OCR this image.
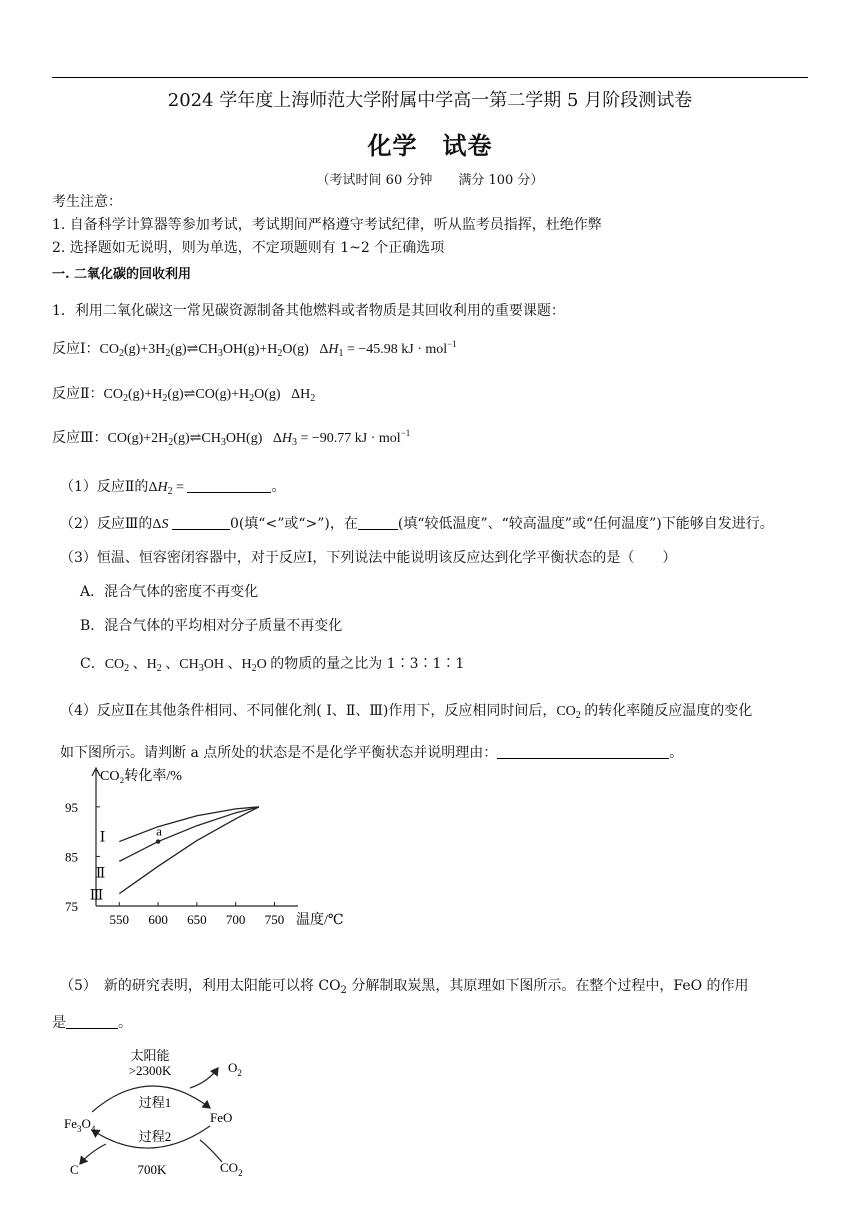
2024 学年度上海师范大学附属中学高一第二学期 5 月阶段测试卷
化学　试卷
（考试时间 60 分钟　　满分 100 分）
考生注意：
1. 自备科学计算器等参加考试，考试期间严格遵守考试纪律，听从监考员指挥，杜绝作弊
2. 选择题如无说明，则为单选，不定项题则有 1~2 个正确选项
一. 二氧化碳的回收利用
1．利用二氧化碳这一常见碳资源制备其他燃料或者物质是其回收利用的重要课题：
反应Ⅰ：$CO_2(g)+3H_2(g)\rightleftharpoons CH_3OH(g)+H_2O(g) \Delta H_1 = -45.98$ kJ · mol$^{-1}$
反应Ⅱ：$CO_2(g)+H_2(g)\rightleftharpoons CO(g)+H_2O(g)$   $\Delta H_2$
反应Ⅲ：$CO(g)+2H_2(g)\rightleftharpoons CH_3OH(g) \Delta H_3 = -90.77$ kJ · mol$^{-1}$
（1）反应Ⅱ的$\Delta H_2$ =	。
（2）反应Ⅲ的ΔS	0(填“<”或“>”)，在	(填“较低温度”、“较高温度”或“任何温度”)下能够自发进行。
（3）恒温、恒容密闭容器中，对于反应Ⅰ，下列说法中能说明该反应达到化学平衡状态的是（　　）
A．混合气体的密度不再变化
B．混合气体的平均相对分子质量不再变化
C．$CO_2$ 、$H_2$ 、$CH_3OH$ 、$H_2O$ 的物质的量之比为 1∶3∶1∶1
（4）反应Ⅱ在其他条件相同、不同催化剂( Ⅰ、Ⅱ、Ⅲ)作用下，反应相同时间后，$CO_2$ 的转化率随反应温度的变化
如下图所示。请判断 a 点所处的状态是不是化学平衡状态并说明理由：	。
CO₂转化率/%
温度/℃
550 600 650 700 750
75
85
95
Ⅰ
Ⅱ
Ⅲ
a
（5）　新的研究表明，利用太阳能可以将 $CO_2$ 分解制取炭黑，其原理如下图所示。在整个过程中，FeO 的作用
是	。
太阳能
>2300K
过程1
过程2
700K
$O_2$
FeO
$Fe_3O_4$
C	$CO_2$
